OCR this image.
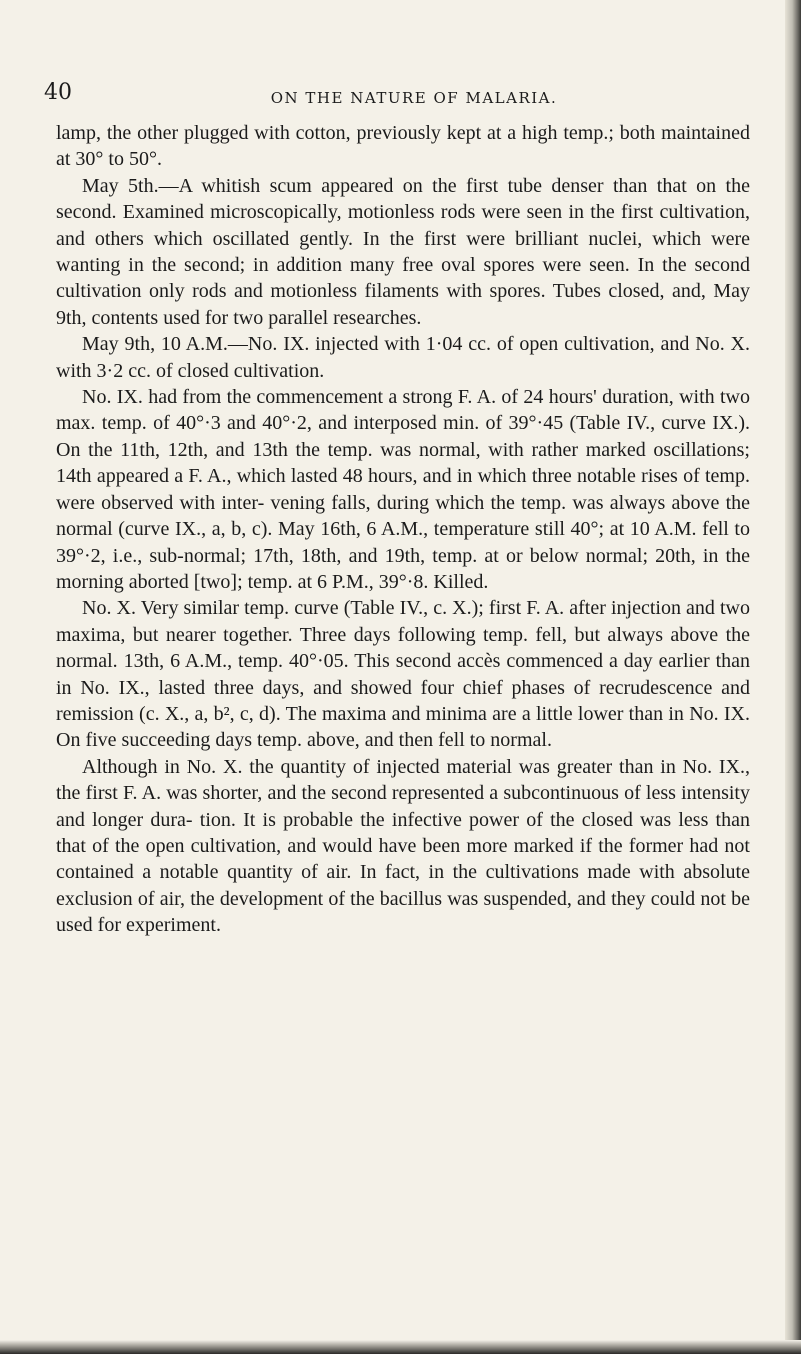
40	ON THE NATURE OF MALARIA.

lamp, the other plugged with cotton, previously kept at a high temp.; both maintained at 30° to 50°.

May 5th.—A whitish scum appeared on the first tube denser than that on the second. Examined microscopically, motionless rods were seen in the first cultivation, and others which oscillated gently. In the first were brilliant nuclei, which were wanting in the second; in addition many free oval spores were seen. In the second cultivation only rods and motionless filaments with spores. Tubes closed, and, May 9th, contents used for two parallel researches.

May 9th, 10 A.M.—No. IX. injected with 1·04 cc. of open cultivation, and No. X. with 3·2 cc. of closed cultivation.

No. IX. had from the commencement a strong F. A. of 24 hours' duration, with two max. temp. of 40°·3 and 40°·2, and interposed min. of 39°·45 (Table IV., curve IX.). On the 11th, 12th, and 13th the temp. was normal, with rather marked oscillations; 14th appeared a F. A., which lasted 48 hours, and in which three notable rises of temp. were observed with inter- vening falls, during which the temp. was always above the normal (curve IX., a, b, c). May 16th, 6 A.M., temperature still 40°; at 10 A.M. fell to 39°·2, i.e., sub-normal; 17th, 18th, and 19th, temp. at or below normal; 20th, in the morning aborted [two]; temp. at 6 P.M., 39°·8. Killed.

No. X. Very similar temp. curve (Table IV., c. X.); first F. A. after injection and two maxima, but nearer together. Three days following temp. fell, but always above the normal. 13th, 6 A.M., temp. 40°·05. This second accès commenced a day earlier than in No. IX., lasted three days, and showed four chief phases of recrudescence and remission (c. X., a, b², c, d). The maxima and minima are a little lower than in No. IX. On five succeeding days temp. above, and then fell to normal.

Although in No. X. the quantity of injected material was greater than in No. IX., the first F. A. was shorter, and the second represented a subcontinuous of less intensity and longer dura- tion. It is probable the infective power of the closed was less than that of the open cultivation, and would have been more marked if the former had not contained a notable quantity of air. In fact, in the cultivations made with absolute exclusion of air, the development of the bacillus was suspended, and they could not be used for experiment.
